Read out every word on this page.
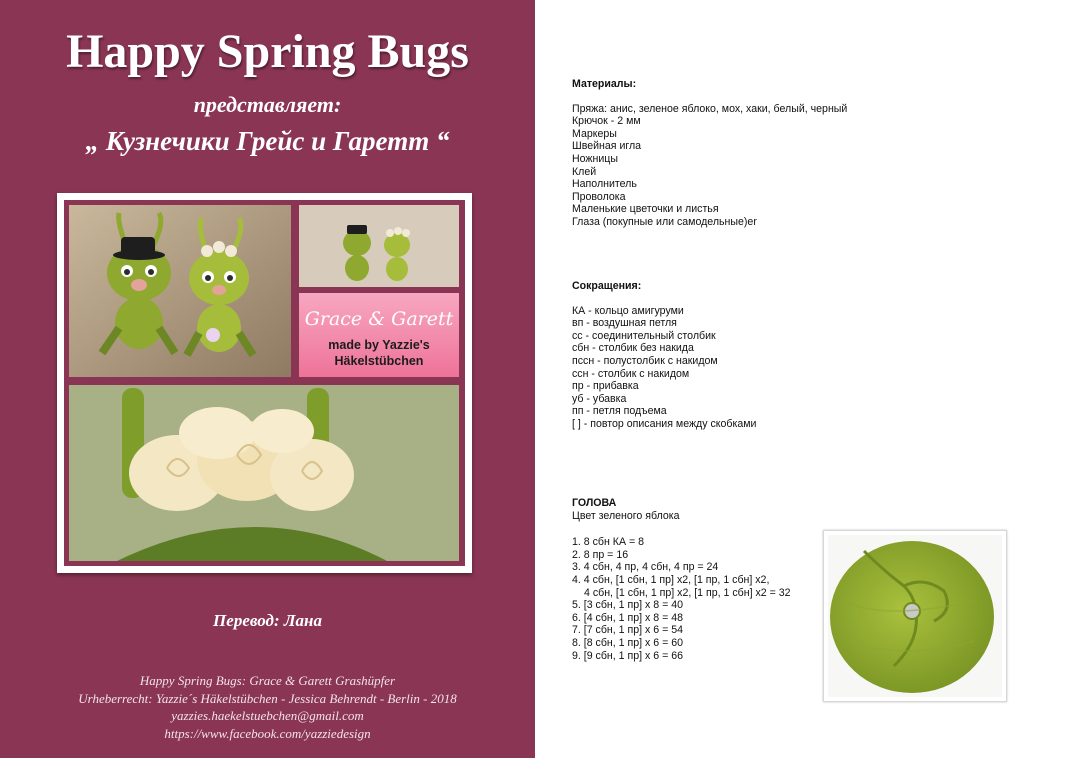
Happy Spring Bugs
представляет:
„ Кузнечики Грейс и Гаретт “
Grace & Garett
made by Yazzie's
Häkelstübchen
Перевод: Лана
Happy Spring Bugs: Grace & Garett Grashüpfer
Urheberrecht: Yazzie´s Häkelstübchen - Jessica Behrendt - Berlin - 2018
yazzies.haekelstuebchen@gmail.com
https://www.facebook.com/yazziedesign
Материалы:
Пряжа: анис, зеленое яблоко, мох, хаки, белый, черный
Крючок - 2 мм
Маркеры
Швейная игла
Ножницы
Клей
Наполнитель
Проволока
Маленькие цветочки и листья
Глаза (покупные или самодельные)er
Сокращения:
КА - кольцо амигуруми
вп - воздушная петля
сс - соединительный столбик
сбн - столбик без накида
пссн - полустолбик с накидом
ссн - столбик с накидом
пр - прибавка
уб - убавка
пп - петля подъема
[ ] - повтор описания между скобками
ГОЛОВА
Цвет зеленого яблока
1. 8 сбн КА = 8
2. 8 пр = 16
3. 4 сбн, 4 пр, 4 сбн, 4 пр = 24
4. 4 сбн, [1 сбн, 1 пр] х2, [1 пр, 1 сбн] х2,
4 сбн, [1 сбн, 1 пр] х2, [1 пр, 1 сбн] х2 = 32
5. [3 сбн, 1 пр] х 8 = 40
6. [4 сбн, 1 пр] х 8 = 48
7. [7 сбн, 1 пр] х 6 = 54
8. [8 сбн, 1 пр] х 6 = 60
9. [9 сбн, 1 пр] х 6 = 66
